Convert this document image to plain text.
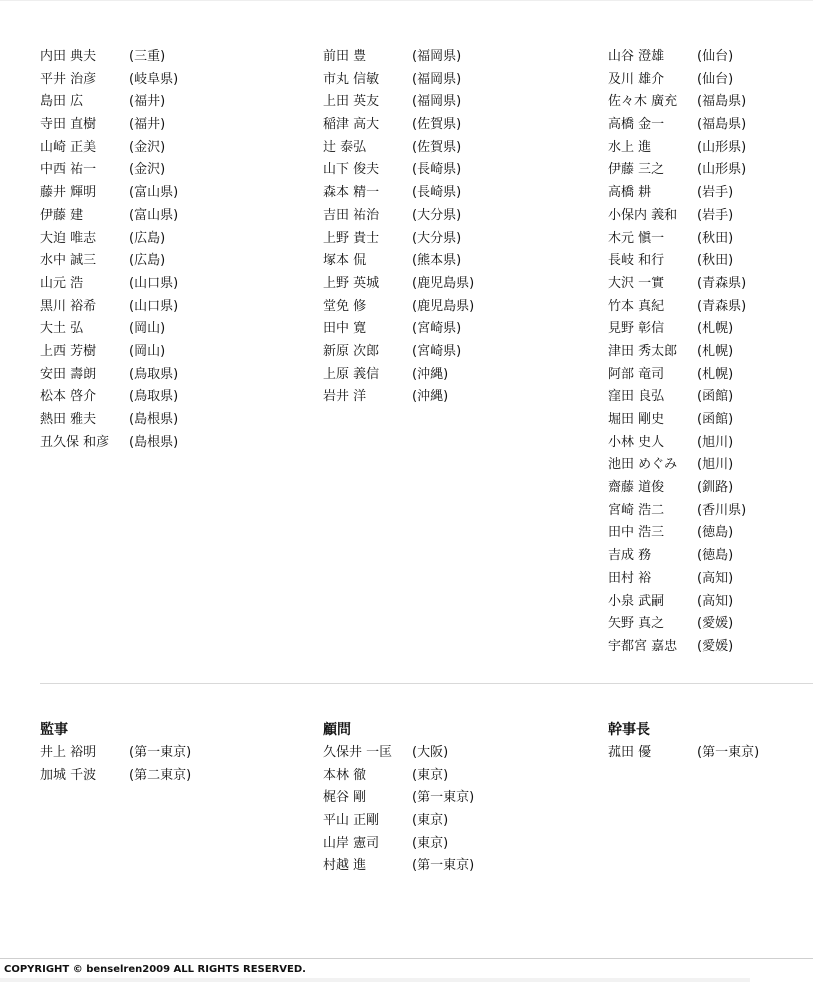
内田 典夫	(三重)
平井 治彦	(岐阜県)
島田 広	(福井)
寺田 直樹	(福井)
山崎 正美	(金沢)
中西 祐一	(金沢)
藤井 輝明	(富山県)
伊藤 建	(富山県)
大迫 唯志	(広島)
水中 誠三	(広島)
山元 浩	(山口県)
黒川 裕希	(山口県)
大土 弘	(岡山)
上西 芳樹	(岡山)
安田 壽朗	(鳥取県)
松本 啓介	(鳥取県)
熱田 雅夫	(島根県)
丑久保 和彦	(島根県)
前田 豊	(福岡県)
市丸 信敏	(福岡県)
上田 英友	(福岡県)
稲津 高大	(佐賀県)
辻 泰弘	(佐賀県)
山下 俊夫	(長崎県)
森本 精一	(長崎県)
吉田 祐治	(大分県)
上野 貴士	(大分県)
塚本 侃	(熊本県)
上野 英城	(鹿児島県)
堂免 修	(鹿児島県)
田中 寛	(宮崎県)
新原 次郎	(宮崎県)
上原 義信	(沖縄)
岩井 洋	(沖縄)
山谷 澄雄	(仙台)
及川 雄介	(仙台)
佐々木 廣充	(福島県)
高橋 金一	(福島県)
水上 進	(山形県)
伊藤 三之	(山形県)
高橋 耕	(岩手)
小保内 義和	(岩手)
木元 愼一	(秋田)
長岐 和行	(秋田)
大沢 一實	(青森県)
竹本 真紀	(青森県)
見野 彰信	(札幌)
津田 秀太郎	(札幌)
阿部 竜司	(札幌)
窪田 良弘	(函館)
堀田 剛史	(函館)
小林 史人	(旭川)
池田 めぐみ	(旭川)
齋藤 道俊	(釧路)
宮崎 浩二	(香川県)
田中 浩三	(徳島)
吉成 務	(徳島)
田村 裕	(高知)
小泉 武嗣	(高知)
矢野 真之	(愛媛)
宇都宮 嘉忠	(愛媛)
監事
井上 裕明	(第一東京)
加城 千波	(第二東京)
顧問
久保井 一匡	(大阪)
本林 徹	(東京)
梶谷 剛	(第一東京)
平山 正剛	(東京)
山岸 憲司	(東京)
村越 進	(第一東京)
幹事長
菰田 優	(第一東京)
COPYRIGHT © benselren2009 ALL RIGHTS RESERVED.
